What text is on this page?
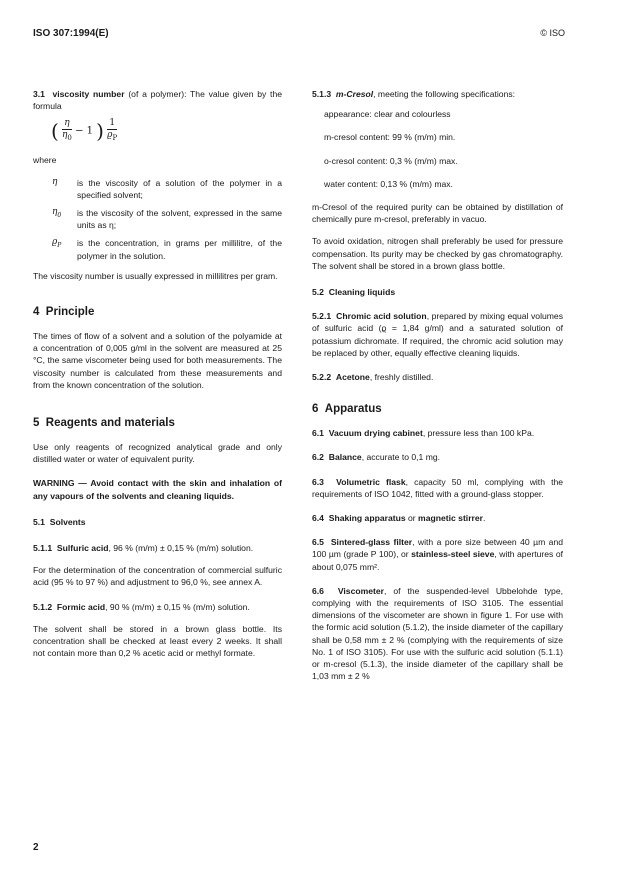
ISO 307:1994(E)	© ISO
3.1 viscosity number (of a polymer): The value given by the formula
( $\frac{\eta}{\eta_0} - 1$ ) $\frac{1}{ϱ_P}$
where
η	is the viscosity of a solution of the polymer in a specified solvent;
$\eta_0$	is the viscosity of the solvent, expressed in the same units as η;
$ϱ_P$	is the concentration, in grams per millilitre, of the polymer in the solution.
The viscosity number is usually expressed in millilitres per gram.
4 Principle
The times of flow of a solvent and a solution of the polyamide at a concentration of 0,005 g/ml in the solvent are measured at 25 °C, the same viscometer being used for both measurements. The viscosity number is calculated from these measurements and from the known concentration of the solution.
5 Reagents and materials
Use only reagents of recognized analytical grade and only distilled water or water of equivalent purity.
WARNING — Avoid contact with the skin and inhalation of any vapours of the solvents and cleaning liquids.
5.1 Solvents
5.1.1 Sulfuric acid, 96 % (m/m) ± 0,15 % (m/m) solution.
For the determination of the concentration of commercial sulfuric acid (95 % to 97 %) and adjustment to 96,0 %, see annex A.
5.1.2 Formic acid, 90 % (m/m) ± 0,15 % (m/m) solution.
The solvent shall be stored in a brown glass bottle. Its concentration shall be checked at least every 2 weeks. It shall not contain more than 0,2 % acetic acid or methyl formate.
2
5.1.3 m-Cresol, meeting the following specifications:
appearance: clear and colourless
m-cresol content: 99 % (m/m) min.
o-cresol content: 0,3 % (m/m) max.
water content: 0,13 % (m/m) max.
m-Cresol of the required purity can be obtained by distillation of chemically pure m-cresol, preferably in vacuo.
To avoid oxidation, nitrogen shall preferably be used for pressure compensation. Its purity may be checked by gas chromatography. The solvent shall be stored in a brown glass bottle.
5.2 Cleaning liquids
5.2.1 Chromic acid solution, prepared by mixing equal volumes of sulfuric acid (ϱ = 1,84 g/ml) and a saturated solution of potassium dichromate. If required, the chromic acid solution may be replaced by other, equally effective cleaning liquids.
5.2.2 Acetone, freshly distilled.
6 Apparatus
6.1 Vacuum drying cabinet, pressure less than 100 kPa.
6.2 Balance, accurate to 0,1 mg.
6.3 Volumetric flask, capacity 50 ml, complying with the requirements of ISO 1042, fitted with a ground-glass stopper.
6.4 Shaking apparatus or magnetic stirrer.
6.5 Sintered-glass filter, with a pore size between 40 µm and 100 µm (grade P 100), or stainless-steel sieve, with apertures of about 0,075 mm².
6.6 Viscometer, of the suspended-level Ubbelohde type, complying with the requirements of ISO 3105. The essential dimensions of the viscometer are shown in figure 1. For use with the formic acid solution (5.1.2), the inside diameter of the capillary shall be 0,58 mm ± 2 % (complying with the requirements of size No. 1 of ISO 3105). For use with the sulfuric acid solution (5.1.1) or m-cresol (5.1.3), the inside diameter of the capillary shall be 1,03 mm ± 2 %
